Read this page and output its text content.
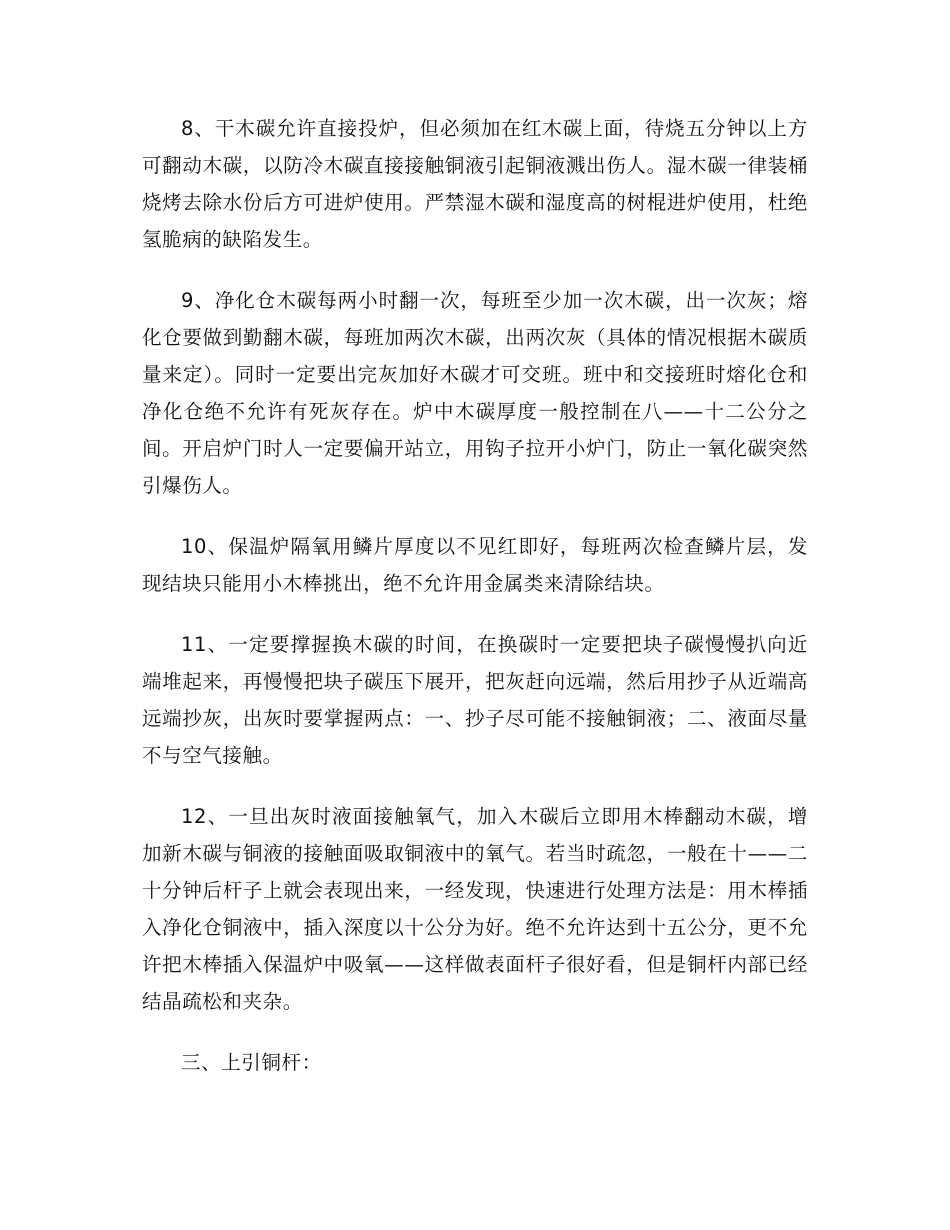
8、干木碳允许直接投炉，但必须加在红木碳上面，待烧五分钟以上方可翻动木碳，以防冷木碳直接接触铜液引起铜液溅出伤人。湿木碳一律装桶烧烤去除水份后方可进炉使用。严禁湿木碳和湿度高的树棍进炉使用，杜绝氢脆病的缺陷发生。

9、净化仓木碳每两小时翻一次，每班至少加一次木碳，出一次灰；熔化仓要做到勤翻木碳，每班加两次木碳，出两次灰（具体的情况根据木碳质量来定）。同时一定要出完灰加好木碳才可交班。班中和交接班时熔化仓和净化仓绝不允许有死灰存在。炉中木碳厚度一般控制在八——十二公分之间。开启炉门时人一定要偏开站立，用钩子拉开小炉门，防止一氧化碳突然引爆伤人。

10、保温炉隔氧用鳞片厚度以不见红即好，每班两次检查鳞片层，发现结块只能用小木棒挑出，绝不允许用金属类来清除结块。

11、一定要撑握换木碳的时间，在换碳时一定要把块子碳慢慢扒向近端堆起来，再慢慢把块子碳压下展开，把灰赶向远端，然后用抄子从近端高远端抄灰，出灰时要掌握两点：一、抄子尽可能不接触铜液；二、液面尽量不与空气接触。

12、一旦出灰时液面接触氧气，加入木碳后立即用木棒翻动木碳，增加新木碳与铜液的接触面吸取铜液中的氧气。若当时疏忽，一般在十——二十分钟后杆子上就会表现出来，一经发现，快速进行处理方法是：用木棒插入净化仓铜液中，插入深度以十公分为好。绝不允许达到十五公分，更不允许把木棒插入保温炉中吸氧——这样做表面杆子很好看，但是铜杆内部已经结晶疏松和夹杂。

三、上引铜杆：
